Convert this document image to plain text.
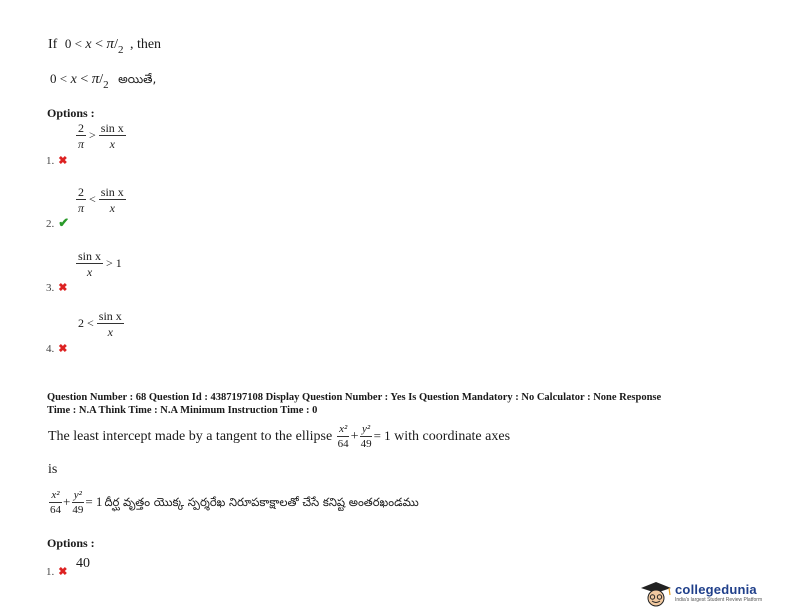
If $0 < x < \pi/_2$ , then
$0 < x < \pi/_2$ అయితే,
Options :
$\frac{2}{\pi} > \frac{\text{sin x}}{x}$
1. ✖
$\frac{2}{\pi} < \frac{\text{sin x}}{x}$
2. ✔
$\frac{\text{sin x}}{x} > 1$
3. ✖
$2 < \frac{\text{sin x}}{x}$
4. ✖
Question Number : 68 Question Id : 4387197108 Display Question Number : Yes Is Question Mandatory : No Calculator : None Response
Time : N.A Think Time : N.A Minimum Instruction Time : 0
The least intercept made by a tangent to the ellipse $\frac{\text{x²}}{64} + \frac{\text{y²}}{49} = 1$ with coordinate axes
is
$\frac{\text{x²}}{64} + \frac{\text{y²}}{49} = 1$ దీర్ఘ వృత్తం యొక్క స్పర్శరేఖ నిరూపకాక్షాలతో చేసే కనిష్ట అంతరఖండము
Options :
1. ✖
40
collegedunia
India's largest Student Review Platform
